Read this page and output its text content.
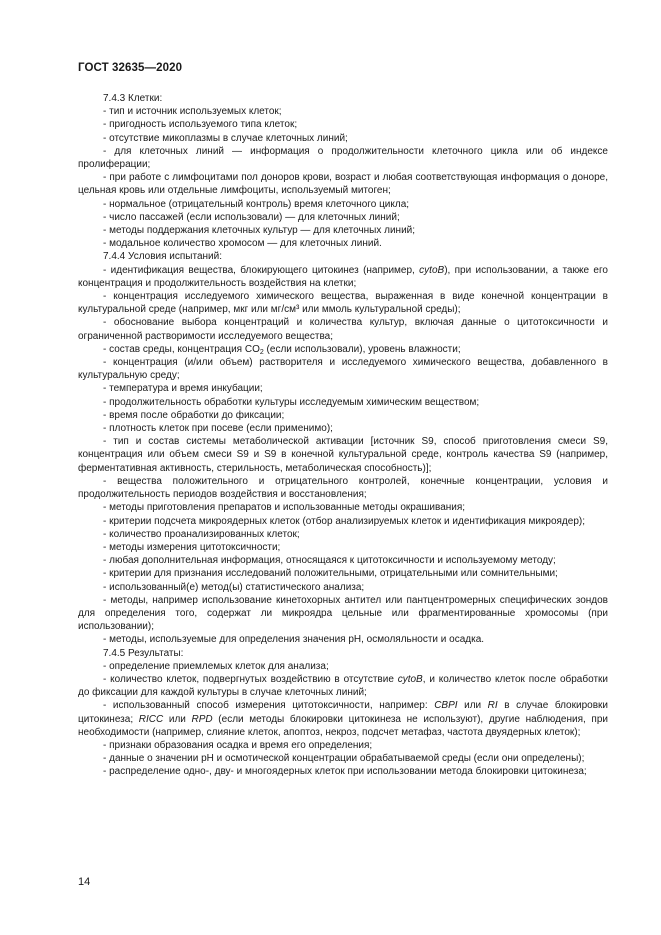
ГОСТ 32635—2020

7.4.3 Клетки:

- тип и источник используемых клеток;

- пригодность используемого типа клеток;

- отсутствие микоплазмы в случае клеточных линий;

- для клеточных линий — информация о продолжительности клеточного цикла или об индексе пролиферации;

- при работе с лимфоцитами пол доноров крови, возраст и любая соответствующая информация о доноре, цельная кровь или отдельные лимфоциты, используемый митоген;

- нормальное (отрицательный контроль) время клеточного цикла;

- число пассажей (если использовали) — для клеточных линий;

- методы поддержания клеточных культур — для клеточных линий;

- модальное количество хромосом — для клеточных линий.

7.4.4 Условия испытаний:

- идентификация вещества, блокирующего цитокинез (например, cytoB), при использовании, а также его концентрация и продолжительность воздействия на клетки;

- концентрация исследуемого химического вещества, выраженная в виде конечной концентрации в культуральной среде (например, мкг или мг/см³ или ммоль культуральной среды);

- обоснование выбора концентраций и количества культур, включая данные о цитотоксичности и ограниченной растворимости исследуемого вещества;

- состав среды, концентрация $CO_2$ (если использовали), уровень влажности;

- концентрация (и/или объем) растворителя и исследуемого химического вещества, добавленного в культуральную среду;

- температура и время инкубации;

- продолжительность обработки культуры исследуемым химическим веществом;

- время после обработки до фиксации;

- плотность клеток при посеве (если применимо);

- тип и состав системы метаболической активации [источник S9, способ приготовления смеси S9, концентрация или объем смеси S9 и S9 в конечной культуральной среде, контроль качества S9 (например, ферментативная активность, стерильность, метаболическая способность)];

- вещества положительного и отрицательного контролей, конечные концентрации, условия и продолжительность периодов воздействия и восстановления;

- методы приготовления препаратов и использованные методы окрашивания;

- критерии подсчета микроядерных клеток (отбор анализируемых клеток и идентификация микроядер);

- количество проанализированных клеток;

- методы измерения цитотоксичности;

- любая дополнительная информация, относящаяся к цитотоксичности и используемому методу;

- критерии для признания исследований положительными, отрицательными или сомнительными;

- использованный(е) метод(ы) статистического анализа;

- методы, например использование кинетохорных антител или пантцентромерных специфических зондов для определения того, содержат ли микроядра цельные или фрагментированные хромосомы (при использовании);

- методы, используемые для определения значения pH, осмоляльности и осадка.

7.4.5 Результаты:

- определение приемлемых клеток для анализа;

- количество клеток, подвергнутых воздействию в отсутствие cytoB, и количество клеток после обработки до фиксации для каждой культуры в случае клеточных линий;

- использованный способ измерения цитотоксичности, например: CBPI или RI в случае блокировки цитокинеза; RICC или RPD (если методы блокировки цитокинеза не используют), другие наблюдения, при необходимости (например, слияние клеток, апоптоз, некроз, подсчет метафаз, частота двуядерных клеток);

- признаки образования осадка и время его определения;

- данные о значении pH и осмотической концентрации обрабатываемой среды (если они определены);

- распределение одно-, дву- и многоядерных клеток при использовании метода блокировки цитокинеза;

14
